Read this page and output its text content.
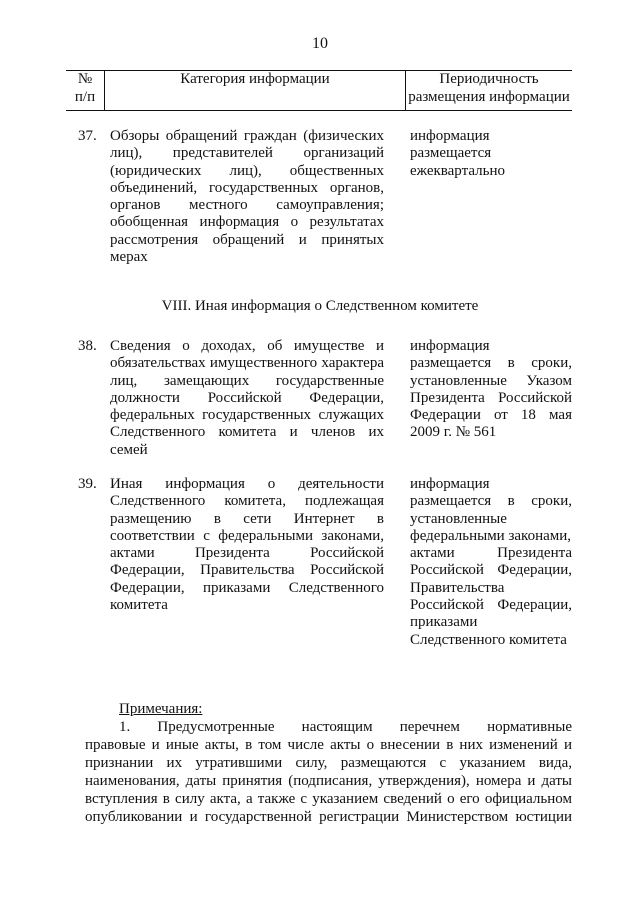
10
№
п/п
Категория информации	Периодичность
размещения информации
37. Обзоры обращений граждан (физических
лиц), представителей организаций
(юридических лиц), общественных
объединений, государственных органов,
органов местного самоуправления;
обобщенная информация о результатах
рассмотрения обращений и принятых
мерах
информация
размещается
ежеквартально
VIII. Иная информация о Следственном комитете
38. Сведения о доходах, об имуществе и
обязательствах имущественного характера
лиц, замещающих государственные
должности Российской Федерации,
федеральных государственных служащих
Следственного комитета и членов их
семей
информация
размещается в сроки,
установленные Указом
Президента Российской
Федерации от 18 мая
2009 г. № 561
39. Иная информация о деятельности
Следственного комитета, подлежащая
размещению в сети Интернет в
соответствии с федеральными законами,
актами Президента Российской
Федерации, Правительства Российской
Федерации, приказами Следственного
комитета
информация
размещается в сроки,
установленные
федеральными законами,
актами Президента
Российской Федерации,
Правительства
Российской Федерации,
приказами
Следственного комитета
Примечания:
1. Предусмотренные настоящим перечнем нормативные
правовые и иные акты, в том числе акты о внесении в них изменений и
признании их утратившими силу, размещаются с указанием вида,
наименования, даты принятия (подписания, утверждения), номера и даты
вступления в силу акта, а также с указанием сведений о его официальном
опубликовании и государственной регистрации Министерством юстиции
